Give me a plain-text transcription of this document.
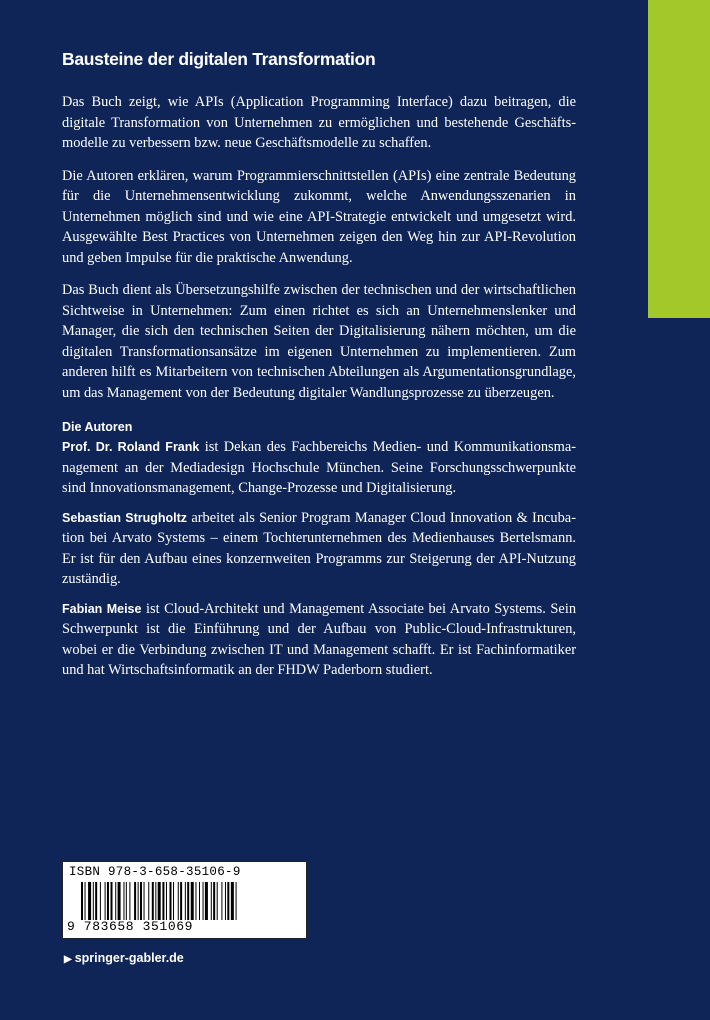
Bausteine der digitalen Transformation

Das Buch zeigt, wie APIs (Application Programming Interface) dazu beitragen, die digitale Transformation von Unternehmen zu ermöglichen und bestehende Geschäftsmodelle zu verbessern bzw. neue Geschäftsmodelle zu schaffen.

Die Autoren erklären, warum Programmierschnittstellen (APIs) eine zentrale Bedeutung für die Unternehmensentwicklung zukommt, welche Anwendungsszenarien in Unternehmen möglich sind und wie eine API-Strategie entwickelt und umgesetzt wird. Ausgewählte Best Practices von Unternehmen zeigen den Weg hin zur API-Revolution und geben Impulse für die praktische Anwendung.

Das Buch dient als Übersetzungshilfe zwischen der technischen und der wirtschaftlichen Sichtweise in Unternehmen: Zum einen richtet es sich an Unternehmenslenker und Manager, die sich den technischen Seiten der Digitalisierung nähern möchten, um die digitalen Transformationsansätze im eigenen Unternehmen zu implementieren. Zum anderen hilft es Mitarbeitern von technischen Abteilungen als Argumentationsgrundlage, um das Management von der Bedeutung digitaler Wandlungsprozesse zu überzeugen.

Die Autoren

Prof. Dr. Roland Frank ist Dekan des Fachbereichs Medien- und Kommunikationsmanagement an der Mediadesign Hochschule München. Seine Forschungsschwerpunkte sind Innovationsmanagement, Change-Prozesse und Digitalisierung.

Sebastian Strugholtz arbeitet als Senior Program Manager Cloud Innovation & Incubation bei Arvato Systems – einem Tochterunternehmen des Medienhauses Bertelsmann. Er ist für den Aufbau eines konzernweiten Programms zur Steigerung der API-Nutzung zuständig.

Fabian Meise ist Cloud-Architekt und Management Associate bei Arvato Systems. Sein Schwerpunkt ist die Einführung und der Aufbau von Public-Cloud-Infrastrukturen, wobei er die Verbindung zwischen IT und Management schafft. Er ist Fachinformatiker und hat Wirtschaftsinformatik an der FHDW Paderborn studiert.

ISBN 978-3-658-35106-9
9 783658 351069
▶ springer-gabler.de
